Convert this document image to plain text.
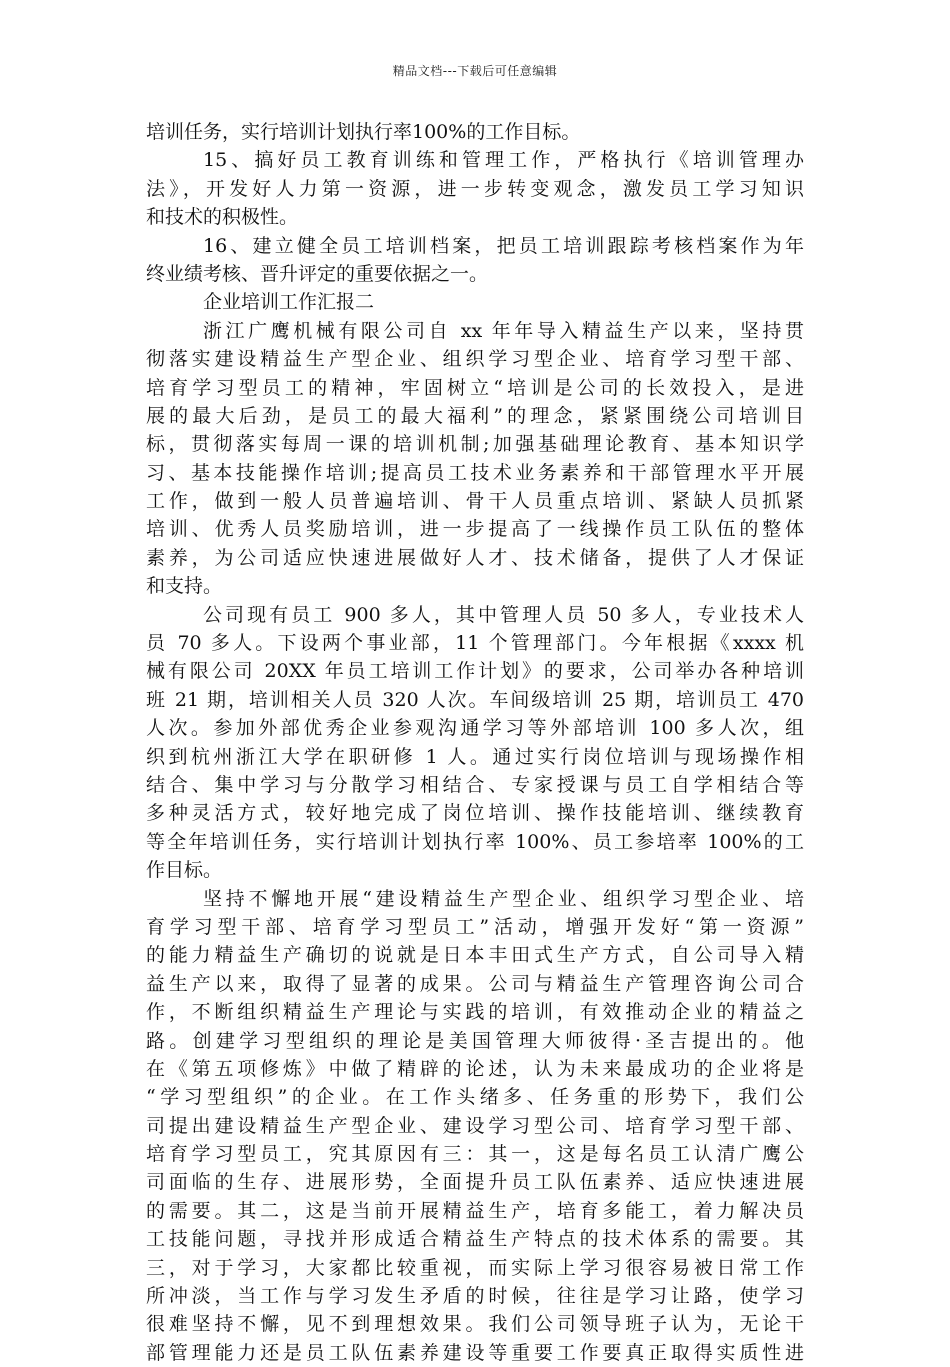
精品文档---下载后可任意编辑
培训任务，实行培训计划执行率100%的工作目标。
15、搞好员工教育训练和管理工作，严格执行《培训管理办
法》，开发好人力第一资源，进一步转变观念，激发员工学习知识
和技术的积极性。
16、建立健全员工培训档案，把员工培训跟踪考核档案作为年
终业绩考核、晋升评定的重要依据之一。
企业培训工作汇报二
浙江广鹰机械有限公司自 xx 年年导入精益生产以来，坚持贯
彻落实建设精益生产型企业、组织学习型企业、培育学习型干部、
培育学习型员工的精神，牢固树立“培训是公司的长效投入，是进
展的最大后劲，是员工的最大福利”的理念，紧紧围绕公司培训目
标，贯彻落实每周一课的培训机制;加强基础理论教育、基本知识学
习、基本技能操作培训;提高员工技术业务素养和干部管理水平开展
工作，做到一般人员普遍培训、骨干人员重点培训、紧缺人员抓紧
培训、优秀人员奖励培训，进一步提高了一线操作员工队伍的整体
素养，为公司适应快速进展做好人才、技术储备，提供了人才保证
和支持。
公司现有员工 900 多人，其中管理人员 50 多人，专业技术人
员 70 多人。下设两个事业部，11 个管理部门。今年根据《xxxx 机
械有限公司 20XX 年员工培训工作计划》的要求，公司举办各种培训
班 21 期，培训相关人员 320 人次。车间级培训 25 期，培训员工 470
人次。参加外部优秀企业参观沟通学习等外部培训 100 多人次，组
织到杭州浙江大学在职研修 1 人。通过实行岗位培训与现场操作相
结合、集中学习与分散学习相结合、专家授课与员工自学相结合等
多种灵活方式，较好地完成了岗位培训、操作技能培训、继续教育
等全年培训任务，实行培训计划执行率 100%、员工参培率 100%的工
作目标。
坚持不懈地开展“建设精益生产型企业、组织学习型企业、培
育学习型干部、培育学习型员工”活动，增强开发好“第一资源”
的能力精益生产确切的说就是日本丰田式生产方式，自公司导入精
益生产以来，取得了显著的成果。公司与精益生产管理咨询公司合
作，不断组织精益生产理论与实践的培训，有效推动企业的精益之
路。创建学习型组织的理论是美国管理大师彼得·圣吉提出的。他
在《第五项修炼》中做了精辟的论述，认为未来最成功的企业将是
“学习型组织”的企业。在工作头绪多、任务重的形势下，我们公
司提出建设精益生产型企业、建设学习型公司、培育学习型干部、
培育学习型员工，究其原因有三：其一，这是每名员工认清广鹰公
司面临的生存、进展形势，全面提升员工队伍素养、适应快速进展
的需要。其二，这是当前开展精益生产，培育多能工，着力解决员
工技能问题，寻找并形成适合精益生产特点的技术体系的需要。其
三，对于学习，大家都比较重视，而实际上学习很容易被日常工作
所冲淡，当工作与学习发生矛盾的时候，往往是学习让路，使学习
很难坚持不懈，见不到理想效果。我们公司领导班子认为，无论干
部管理能力还是员工队伍素养建设等重要工作要真正取得实质性进
